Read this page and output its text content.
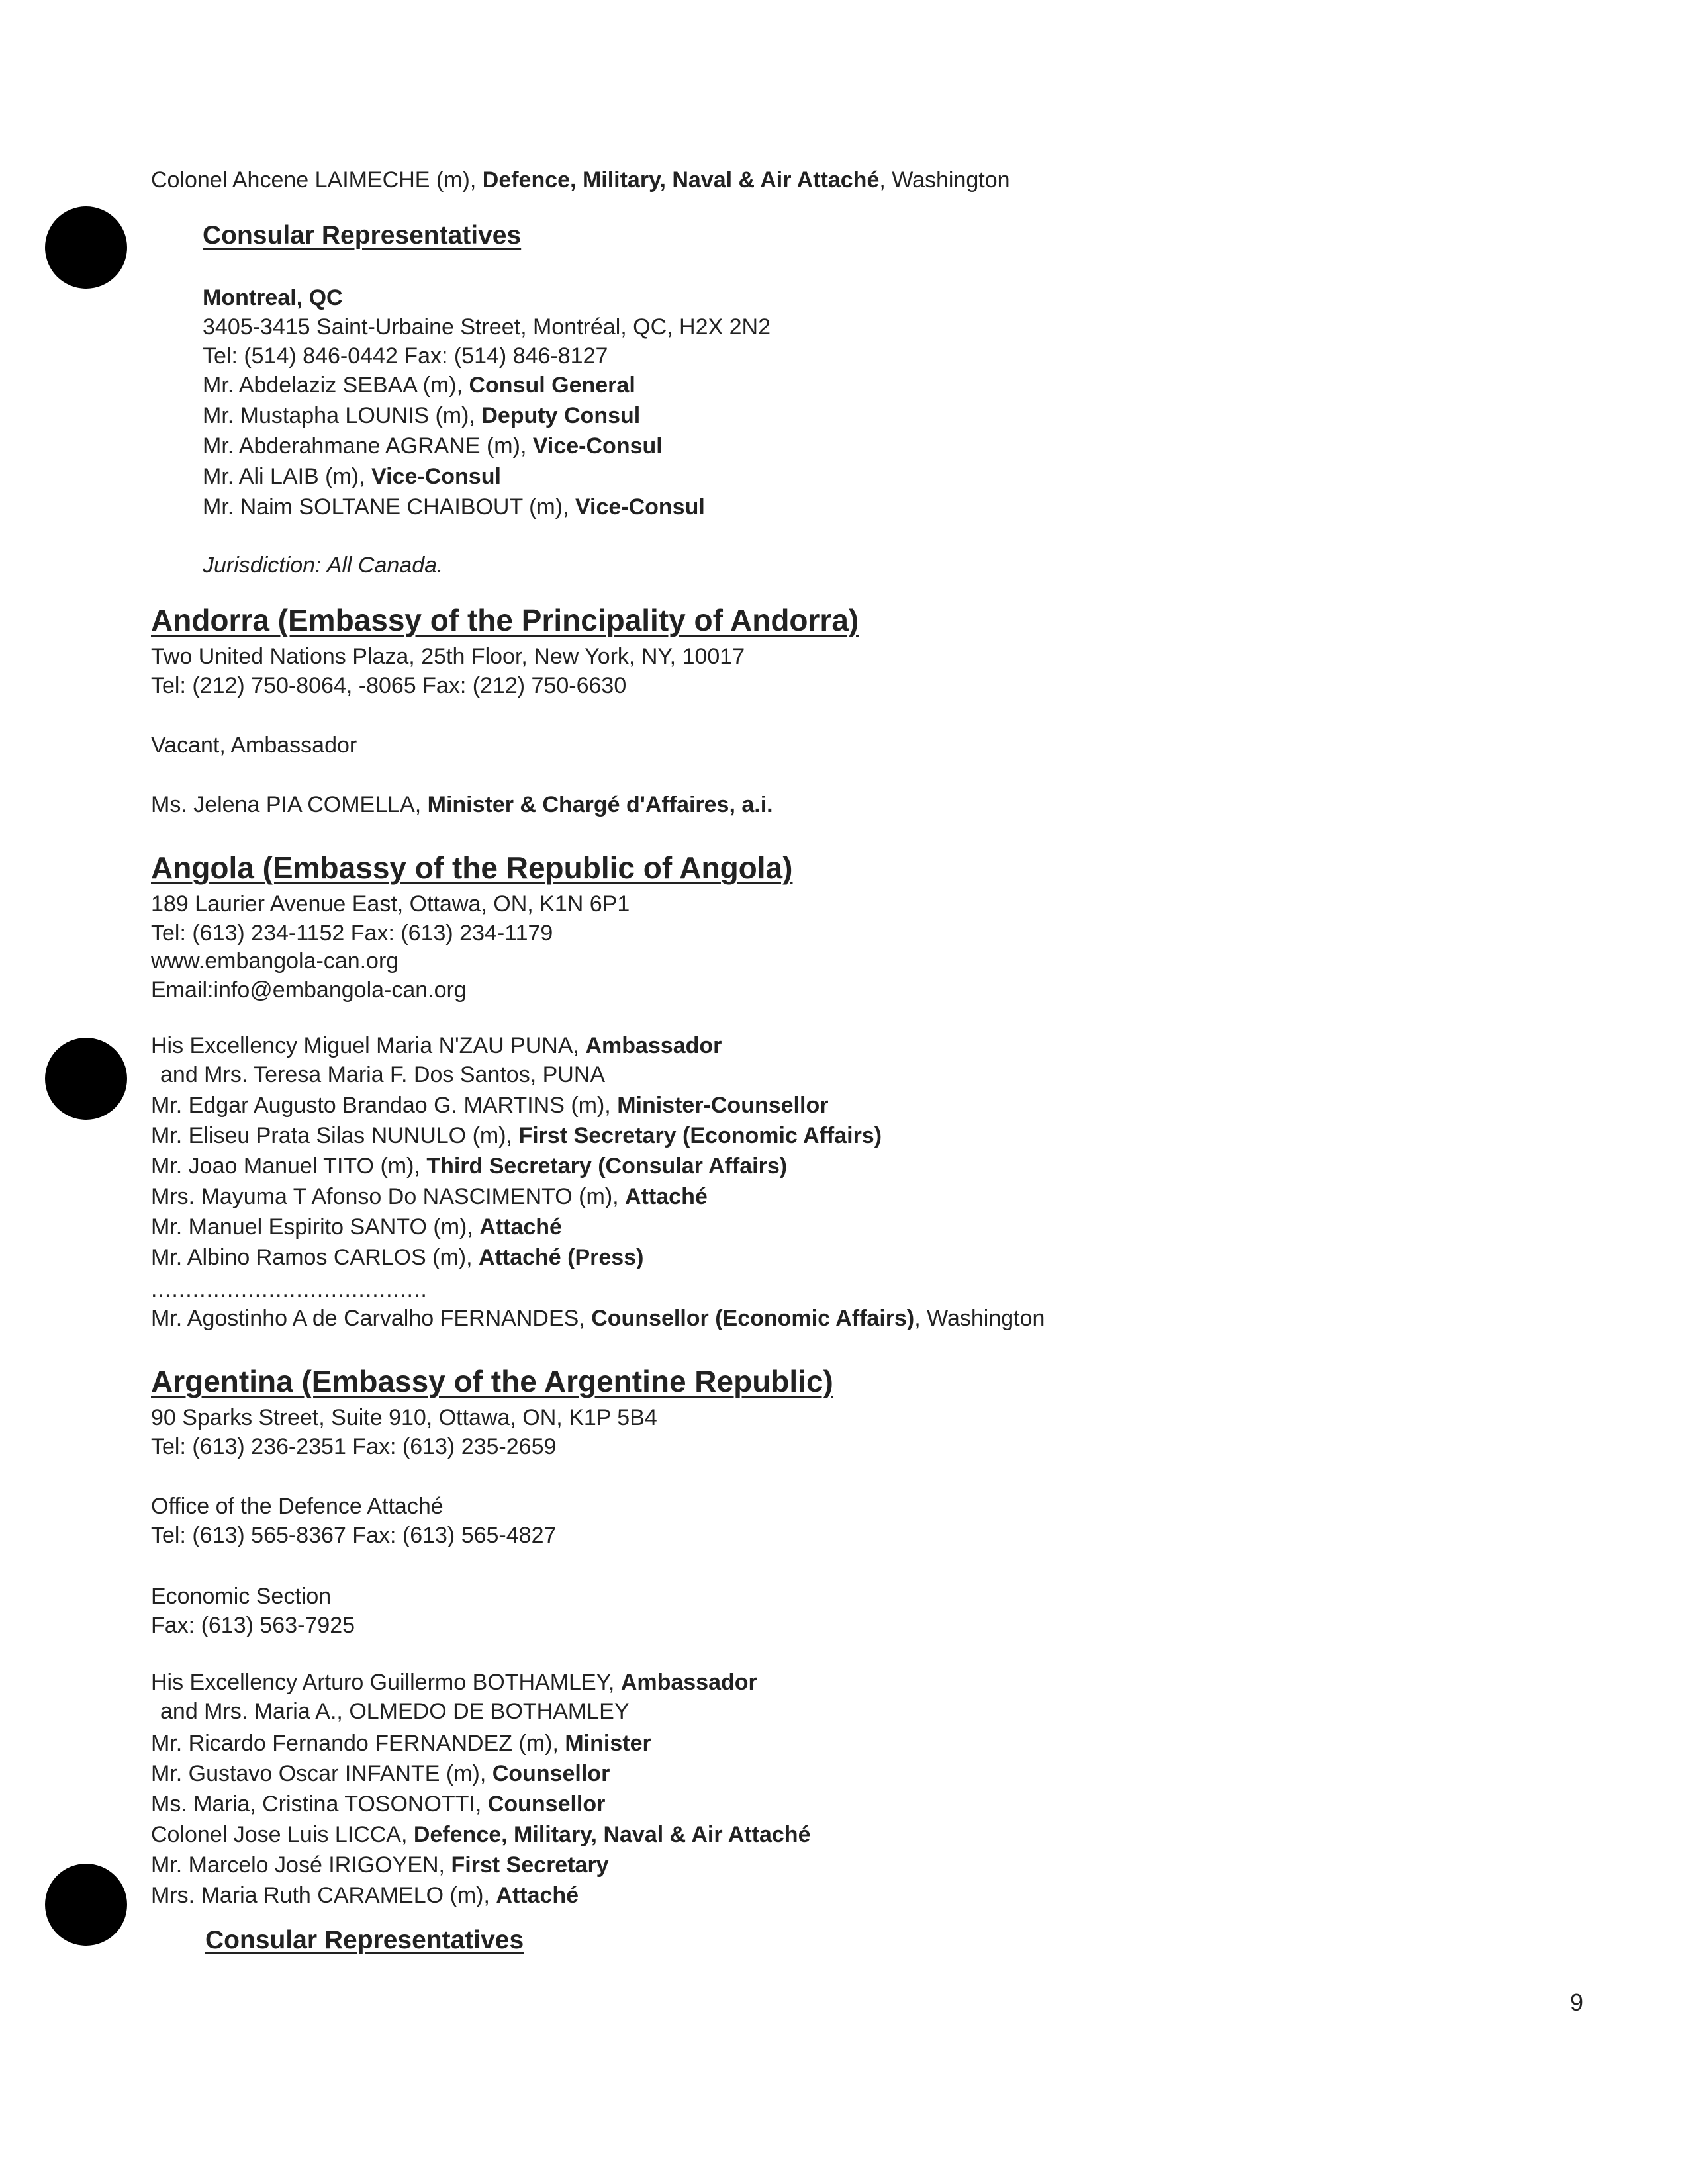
Colonel Ahcene LAIMECHE (m), Defence, Military, Naval & Air Attaché, Washington
Consular Representatives
Montreal, QC
3405-3415 Saint-Urbaine Street, Montréal, QC, H2X 2N2
Tel: (514) 846-0442 Fax: (514) 846-8127
Mr. Abdelaziz SEBAA (m), Consul General
Mr. Mustapha LOUNIS (m), Deputy Consul
Mr. Abderahmane AGRANE (m), Vice-Consul
Mr. Ali LAIB (m), Vice-Consul
Mr. Naim SOLTANE CHAIBOUT (m), Vice-Consul
Jurisdiction: All Canada.
Andorra (Embassy of the Principality of Andorra)
Two United Nations Plaza, 25th Floor, New York, NY, 10017
Tel: (212) 750-8064, -8065 Fax: (212) 750-6630
Vacant, Ambassador
Ms. Jelena PIA COMELLA, Minister & Chargé d'Affaires, a.i.
Angola (Embassy of the Republic of Angola)
189 Laurier Avenue East, Ottawa, ON, K1N 6P1
Tel: (613) 234-1152 Fax: (613) 234-1179
www.embangola-can.org
Email:info@embangola-can.org
His Excellency Miguel Maria N'ZAU PUNA, Ambassador
and Mrs. Teresa Maria F. Dos Santos, PUNA
Mr. Edgar Augusto Brandao G. MARTINS (m), Minister-Counsellor
Mr. Eliseu Prata Silas NUNULO (m), First Secretary (Economic Affairs)
Mr. Joao Manuel TITO (m), Third Secretary (Consular Affairs)
Mrs. Mayuma T Afonso Do NASCIMENTO (m), Attaché
Mr. Manuel Espirito SANTO (m), Attaché
Mr. Albino Ramos CARLOS (m), Attaché (Press)
........................................
Mr. Agostinho A de Carvalho FERNANDES, Counsellor (Economic Affairs), Washington
Argentina (Embassy of the Argentine Republic)
90 Sparks Street, Suite 910, Ottawa, ON, K1P 5B4
Tel: (613) 236-2351 Fax: (613) 235-2659
Office of the Defence Attaché
Tel: (613) 565-8367 Fax: (613) 565-4827
Economic Section
Fax: (613) 563-7925
His Excellency Arturo Guillermo BOTHAMLEY, Ambassador
and Mrs. Maria A., OLMEDO DE BOTHAMLEY
Mr. Ricardo Fernando FERNANDEZ (m), Minister
Mr. Gustavo Oscar INFANTE (m), Counsellor
Ms. Maria, Cristina TOSONOTTI, Counsellor
Colonel Jose Luis LICCA, Defence, Military, Naval & Air Attaché
Mr. Marcelo José IRIGOYEN, First Secretary
Mrs. Maria Ruth CARAMELO (m), Attaché
Consular Representatives
9
